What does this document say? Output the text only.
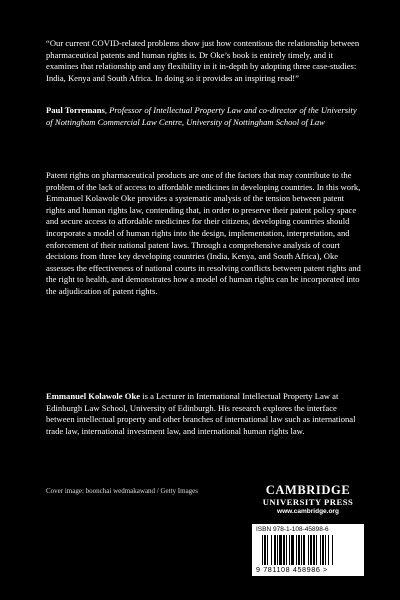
“Our current COVID-related problems show just how contentious the relationship between pharmaceutical patents and human rights is. Dr Oke’s book is entirely timely, and it examines that relationship and any flexibility in it in-depth by adopting three case-studies: India, Kenya and South Africa. In doing so it provides an inspiring read!”

Paul Torremans, Professor of Intellectual Property Law and co-director of the University of Nottingham Commercial Law Centre, University of Nottingham School of Law

Patent rights on pharmaceutical products are one of the factors that may contribute to the problem of the lack of access to affordable medicines in developing countries. In this work, Emmanuel Kolawole Oke provides a systematic analysis of the tension between patent rights and human rights law, contending that, in order to preserve their patent policy space and secure access to affordable medicines for their citizens, developing countries should incorporate a model of human rights into the design, implementation, interpretation, and enforcement of their national patent laws. Through a comprehensive analysis of court decisions from three key developing countries (India, Kenya, and South Africa), Oke assesses the effectiveness of national courts in resolving conflicts between patent rights and the right to health, and demonstrates how a model of human rights can be incorporated into the adjudication of patent rights.

Emmanuel Kolawole Oke is a Lecturer in International Intellectual Property Law at Edinburgh Law School, University of Edinburgh. His research explores the interface between intellectual property and other branches of international law such as international trade law, international investment law, and international human rights law.

Cover image: boonchai wedmakawand / Getty Images	CAMBRIDGE
UNIVERSITY PRESS
www.cambridge.org
ISBN 978-1-108-45898-6
9 781108 458986 >
